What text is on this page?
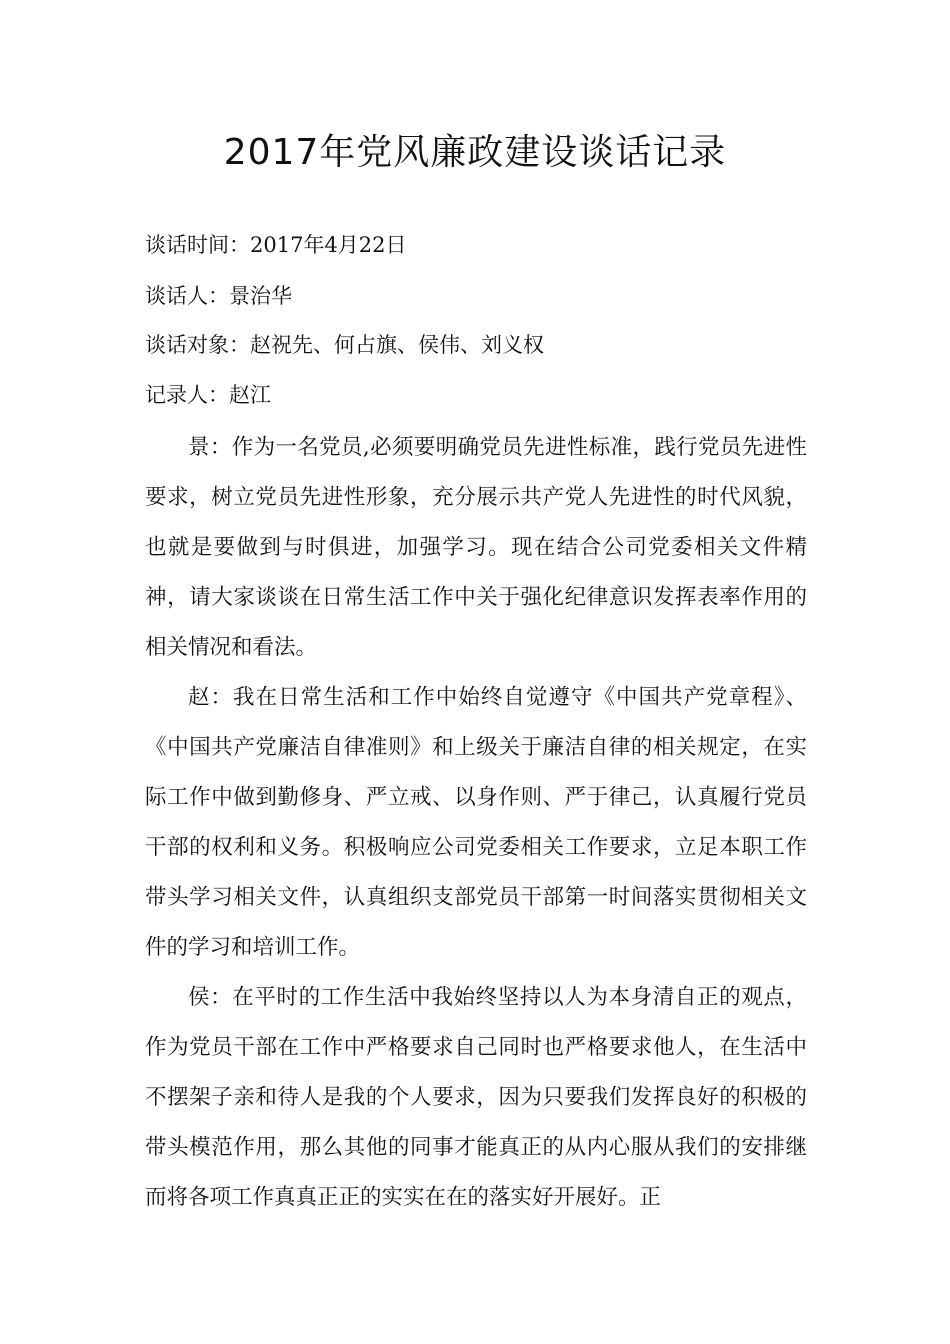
2017年党风廉政建设谈话记录
谈话时间：2017年4月22日
谈话人：景治华
谈话对象：赵祝先、何占旗、侯伟、刘义权
记录人：赵江

景：作为一名党员,必须要明确党员先进性标准，践行党员先进性要求，树立党员先进性形象，充分展示共产党人先进性的时代风貌，也就是要做到与时俱进，加强学习。现在结合公司党委相关文件精神，请大家谈谈在日常生活工作中关于强化纪律意识发挥表率作用的相关情况和看法。

赵：我在日常生活和工作中始终自觉遵守《中国共产党章程》、《中国共产党廉洁自律准则》和上级关于廉洁自律的相关规定，在实际工作中做到勤修身、严立戒、以身作则、严于律己，认真履行党员干部的权利和义务。积极响应公司党委相关工作要求，立足本职工作带头学习相关文件，认真组织支部党员干部第一时间落实贯彻相关文件的学习和培训工作。

侯：在平时的工作生活中我始终坚持以人为本身清自正的观点，作为党员干部在工作中严格要求自己同时也严格要求他人，在生活中不摆架子亲和待人是我的个人要求，因为只要我们发挥良好的积极的带头模范作用，那么其他的同事才能真正的从内心服从我们的安排继而将各项工作真真正正的实实在在的落实好开展好。正
